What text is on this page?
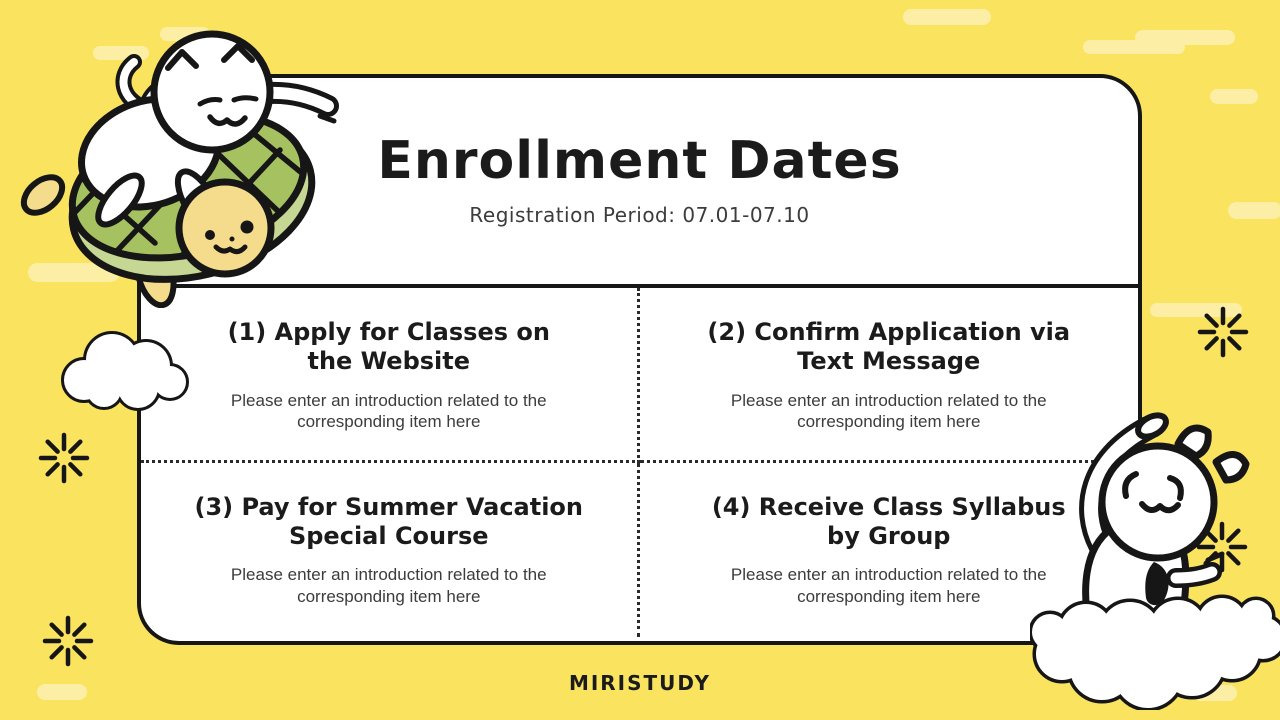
Enrollment Dates

Registration Period: 07.01-07.10

(1) Apply for Classes on
the Website

Please enter an introduction related to the corresponding item here

(2) Confirm Application via
Text Message

Please enter an introduction related to the corresponding item here

(3) Pay for Summer Vacation
Special Course

Please enter an introduction related to the corresponding item here

(4) Receive Class Syllabus
by Group

Please enter an introduction related to the corresponding item here

MIRISTUDY
